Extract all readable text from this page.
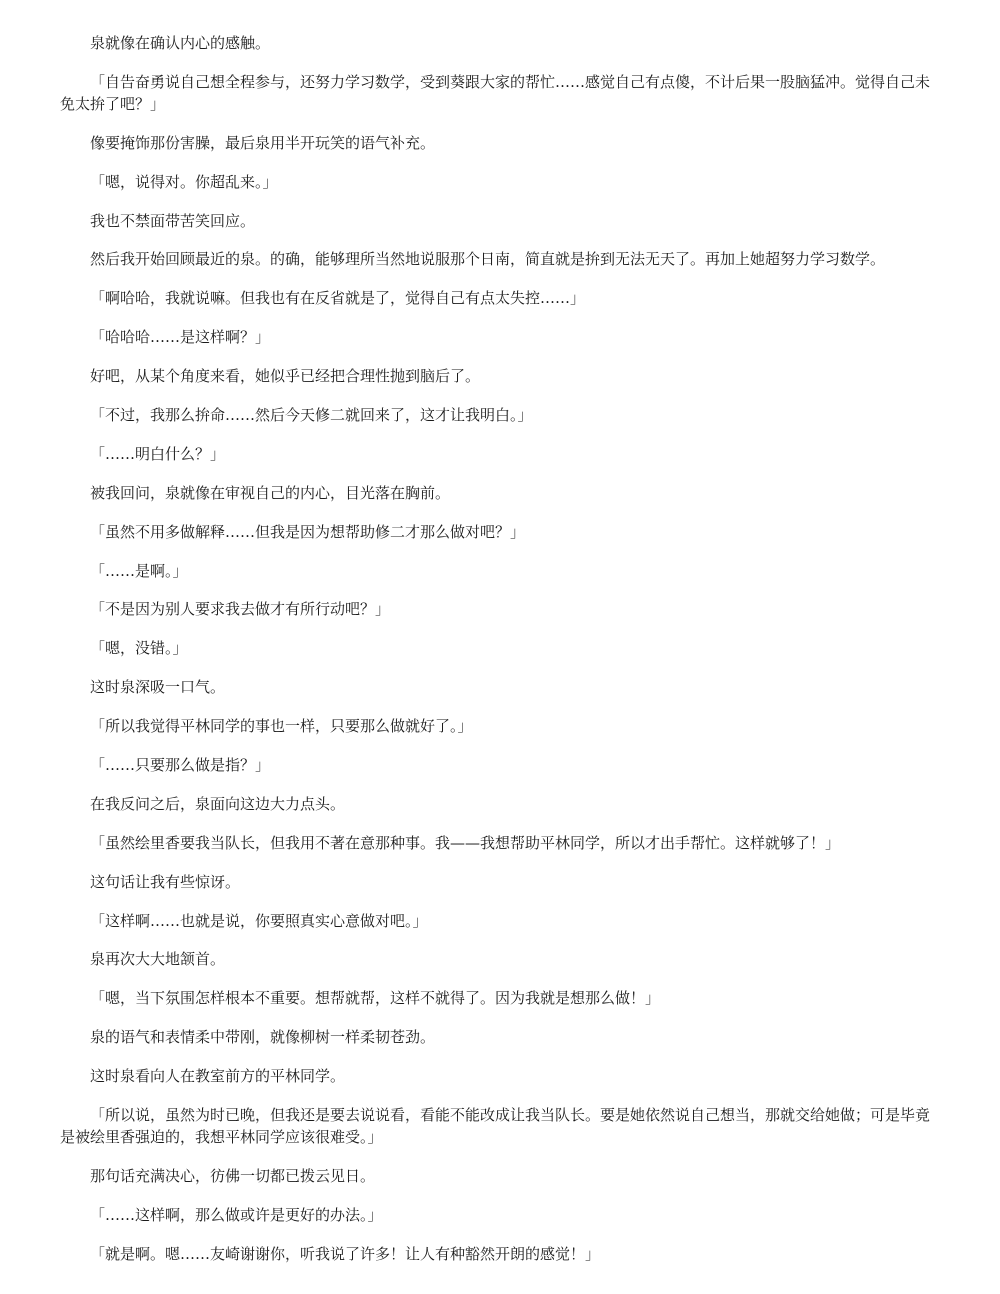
泉就像在确认内心的感触。

「自告奋勇说自己想全程参与，还努力学习数学，受到葵跟大家的帮忙……感觉自己有点傻，不计后果一股脑猛冲。觉得自己未免太拚了吧？」

像要掩饰那份害臊，最后泉用半开玩笑的语气补充。

「嗯，说得对。你超乱来。」

我也不禁面带苦笑回应。

然后我开始回顾最近的泉。的确，能够理所当然地说服那个日南，简直就是拚到无法无天了。再加上她超努力学习数学。

「啊哈哈，我就说嘛。但我也有在反省就是了，觉得自己有点太失控……」

「哈哈哈……是这样啊？」

好吧，从某个角度来看，她似乎已经把合理性抛到脑后了。

「不过，我那么拚命……然后今天修二就回来了，这才让我明白。」

「……明白什么？」

被我回问，泉就像在审视自己的内心，目光落在胸前。

「虽然不用多做解释……但我是因为想帮助修二才那么做对吧？」

「……是啊。」

「不是因为别人要求我去做才有所行动吧？」

「嗯，没错。」

这时泉深吸一口气。

「所以我觉得平林同学的事也一样，只要那么做就好了。」

「……只要那么做是指？」

在我反问之后，泉面向这边大力点头。

「虽然绘里香要我当队长，但我用不著在意那种事。我——我想帮助平林同学，所以才出手帮忙。这样就够了！」

这句话让我有些惊讶。

「这样啊……也就是说，你要照真实心意做对吧。」

泉再次大大地颔首。

「嗯，当下氛围怎样根本不重要。想帮就帮，这样不就得了。因为我就是想那么做！」

泉的语气和表情柔中带刚，就像柳树一样柔韧苍劲。

这时泉看向人在教室前方的平林同学。

「所以说，虽然为时已晚，但我还是要去说说看，看能不能改成让我当队长。要是她依然说自己想当，那就交给她做；可是毕竟是被绘里香强迫的，我想平林同学应该很难受。」

那句话充满决心，彷佛一切都已拨云见日。

「……这样啊，那么做或许是更好的办法。」

「就是啊。嗯……友崎谢谢你，听我说了许多！让人有种豁然开朗的感觉！」
